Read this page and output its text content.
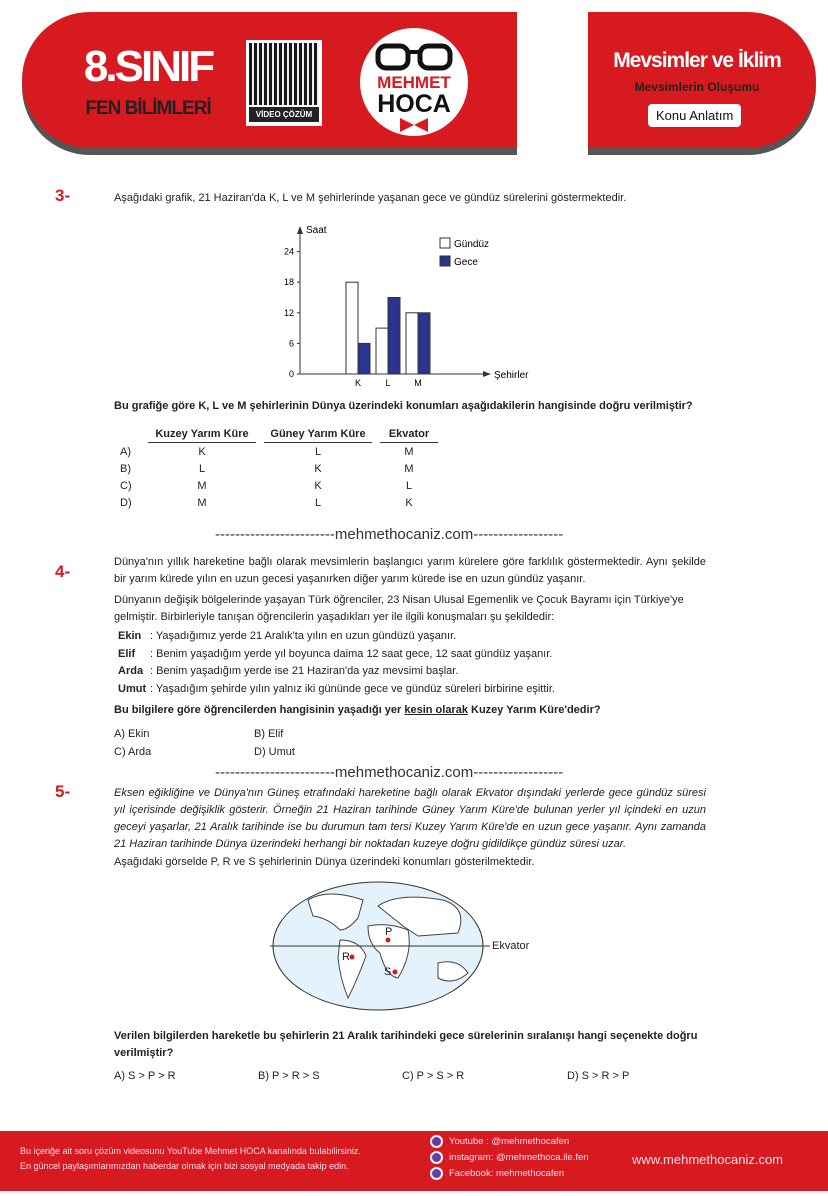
8.SINIF
FEN BİLİMLERİ	VİDEO ÇÖZÜM
MEHMET
HOCA
Mevsimler ve İklim
Mevsimlerin Oluşumu
Konu Anlatım
3-	Aşağıdaki grafik, 21 Haziran'da K, L ve M şehirlerinde yaşanan gece ve gündüz sürelerini göstermektedir.
Saat
Şehirler
0
6
12
18
24
K	L	M
Gündüz
Gece
Bu grafiğe göre K, L ve M şehirlerinin Dünya üzerindeki konumları aşağıdakilerin hangisinde doğru verilmiştir?
	Kuzey Yarım Küre	Güney Yarım Küre	Ekvator
A)	K	L	M
B)	L	K	M
C)	M	K	L
D)	M	L	K
------------------------mehmethocaniz.com------------------
4-	Dünya'nın yıllık hareketine bağlı olarak mevsimlerin başlangıcı yarım kürelere göre farklılık göstermektedir. Aynı şekilde bir yarım kürede yılın en uzun gecesi yaşanırken diğer yarım kürede ise en uzun gündüz yaşanır.
Dünyanın değişik bölgelerinde yaşayan Türk öğrenciler, 23 Nisan Ulusal Egemenlik ve Çocuk Bayramı için Türkiye'ye gelmiştir. Birbirleriyle tanışan öğrencilerin yaşadıkları yer ile ilgili konuşmaları şu şekildedir:
Ekin : Yaşadığımız yerde 21 Aralık'ta yılın en uzun gündüzü yaşanır.
Elif : Benim yaşadığım yerde yıl boyunca daima 12 saat gece, 12 saat gündüz yaşanır.
Arda : Benim yaşadığım yerde ise 21 Haziran'da yaz mevsimi başlar.
Umut : Yaşadığım şehirde yılın yalnız iki gününde gece ve gündüz süreleri birbirine eşittir.
Bu bilgilere göre öğrencilerden hangisinin yaşadığı yer kesin olarak Kuzey Yarım Küre'dedir?
A) Ekin	B) Elif
C) Arda	D) Umut
------------------------mehmethocaniz.com------------------
5-	Eksen eğikliğine ve Dünya'nın Güneş etrafındaki hareketine bağlı olarak Ekvator dışındaki yerlerde gece gündüz süresi yıl içerisinde değişiklik gösterir. Örneğin 21 Haziran tarihinde Güney Yarım Küre'de bulunan yerler yıl içindeki en uzun geceyi yaşarlar, 21 Aralık tarihinde ise bu durumun tam tersi Kuzey Yarım Küre'de en uzun gece yaşanır. Aynı zamanda 21 Haziran tarihinde Dünya üzerindeki herhangi bir noktadan kuzeye doğru gidildikçe gündüz süresi uzar.
Aşağıdaki görselde P, R ve S şehirlerinin Dünya üzerindeki konumları gösterilmektedir.
Ekvator
P
R
S
Verilen bilgilerden hareketle bu şehirlerin 21 Aralık tarihindeki gece sürelerinin sıralanışı hangi seçenekte doğru verilmiştir?
A) S > P > R	B) P > R > S	C) P > S > R	D) S > R > P
Bu içeriğe ait soru çözüm videosunu YouTube Mehmet HOCA kanalında bulabilirsiniz.
En güncel paylaşımlarımızdan haberdar olmak için bizi sosyal medyada takip edin.
Youtube : @mehmethocafen
instagram: @mehmethoca.ile.fen
Facebook: mehmethocafen
www.mehmethocaniz.com
